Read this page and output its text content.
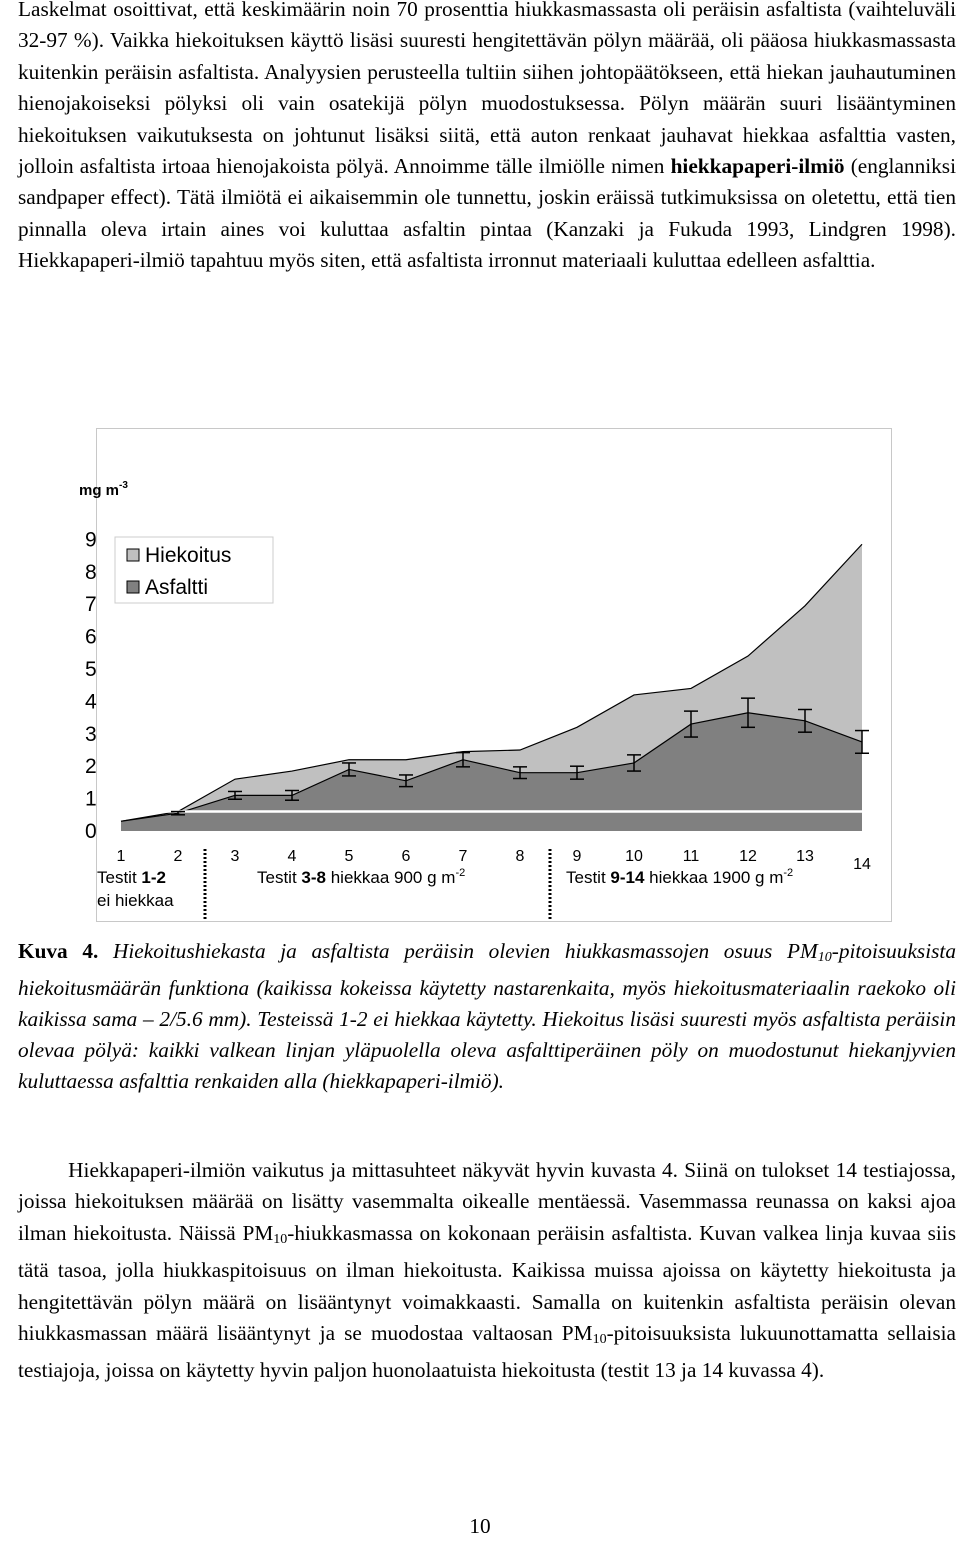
Laskelmat osoittivat, että keskimäärin noin 70 prosenttia hiukkasmassasta oli peräisin asfaltista (vaihteluväli 32-97 %). Vaikka hiekoituksen käyttö lisäsi suuresti hengitettävän pölyn määrää, oli pääosa hiukkasmassasta kuitenkin peräisin asfaltista. Analyysien perusteella tultiin siihen johtopäätökseen, että hiekan jauhautuminen hienojakoiseksi pölyksi oli vain osatekijä pölyn muodostuksessa. Pölyn määrän suuri lisääntyminen hiekoituksen vaikutuksesta on johtunut lisäksi siitä, että auton renkaat jauhavat hiekkaa asfalttia vasten, jolloin asfaltista irtoaa hienojakoista pölyä. Annoimme tälle ilmiölle nimen hiekkapaperi-ilmiö (englanniksi sandpaper effect). Tätä ilmiötä ei aikaisemmin ole tunnettu, joskin eräissä tutkimuksissa on oletettu, että tien pinnalla oleva irtain aines voi kuluttaa asfaltin pintaa (Kanzaki ja Fukuda 1993, Lindgren 1998). Hiekkapaperi-ilmiö tapahtuu myös siten, että asfaltista irronnut materiaali kuluttaa edelleen asfalttia.

mg $m^{-3}$
0
1
2
3
4
5
6
7
8
9
1	2	3	4	5	6	7	8	9	10 11 12 13 14
Hiekoitus
Asfaltti
Testit 1-2
ei hiekkaa
Testit 3-8 hiekkaa 900 g $m^{-2}$	Testit 9-14 hiekkaa 1900 g $m^{-2}$

Kuva 4. Hiekoitushiekasta ja asfaltista peräisin olevien hiukkasmassojen osuus PM10-pitoisuuksista hiekoitusmäärän funktiona (kaikissa kokeissa käytetty nastarenkaita, myös hiekoitusmateriaalin raekoko oli kaikissa sama – 2/5.6 mm). Testeissä 1-2 ei hiekkaa käytetty. Hiekoitus lisäsi suuresti myös asfaltista peräisin olevaa pölyä: kaikki valkean linjan yläpuolella oleva asfalttiperäinen pöly on muodostunut hiekanjyvien kuluttaessa asfalttia renkaiden alla (hiekkapaperi-ilmiö).

Hiekkapaperi-ilmiön vaikutus ja mittasuhteet näkyvät hyvin kuvasta 4. Siinä on tulokset 14 testiajossa, joissa hiekoituksen määrää on lisätty vasemmalta oikealle mentäessä. Vasemmassa reunassa on kaksi ajoa ilman hiekoitusta. Näissä PM10-hiukkasmassa on kokonaan peräisin asfaltista. Kuvan valkea linja kuvaa siis tätä tasoa, jolla hiukkaspitoisuus on ilman hiekoitusta. Kaikissa muissa ajoissa on käytetty hiekoitusta ja hengitettävän pölyn määrä on lisääntynyt voimakkaasti. Samalla on kuitenkin asfaltista peräisin olevan hiukkasmassan määrä lisääntynyt ja se muodostaa valtaosan PM10-pitoisuuksista lukuunottamatta sellaisia testiajoja, joissa on käytetty hyvin paljon huonolaatuista hiekoitusta (testit 13 ja 14 kuvassa 4).

10
